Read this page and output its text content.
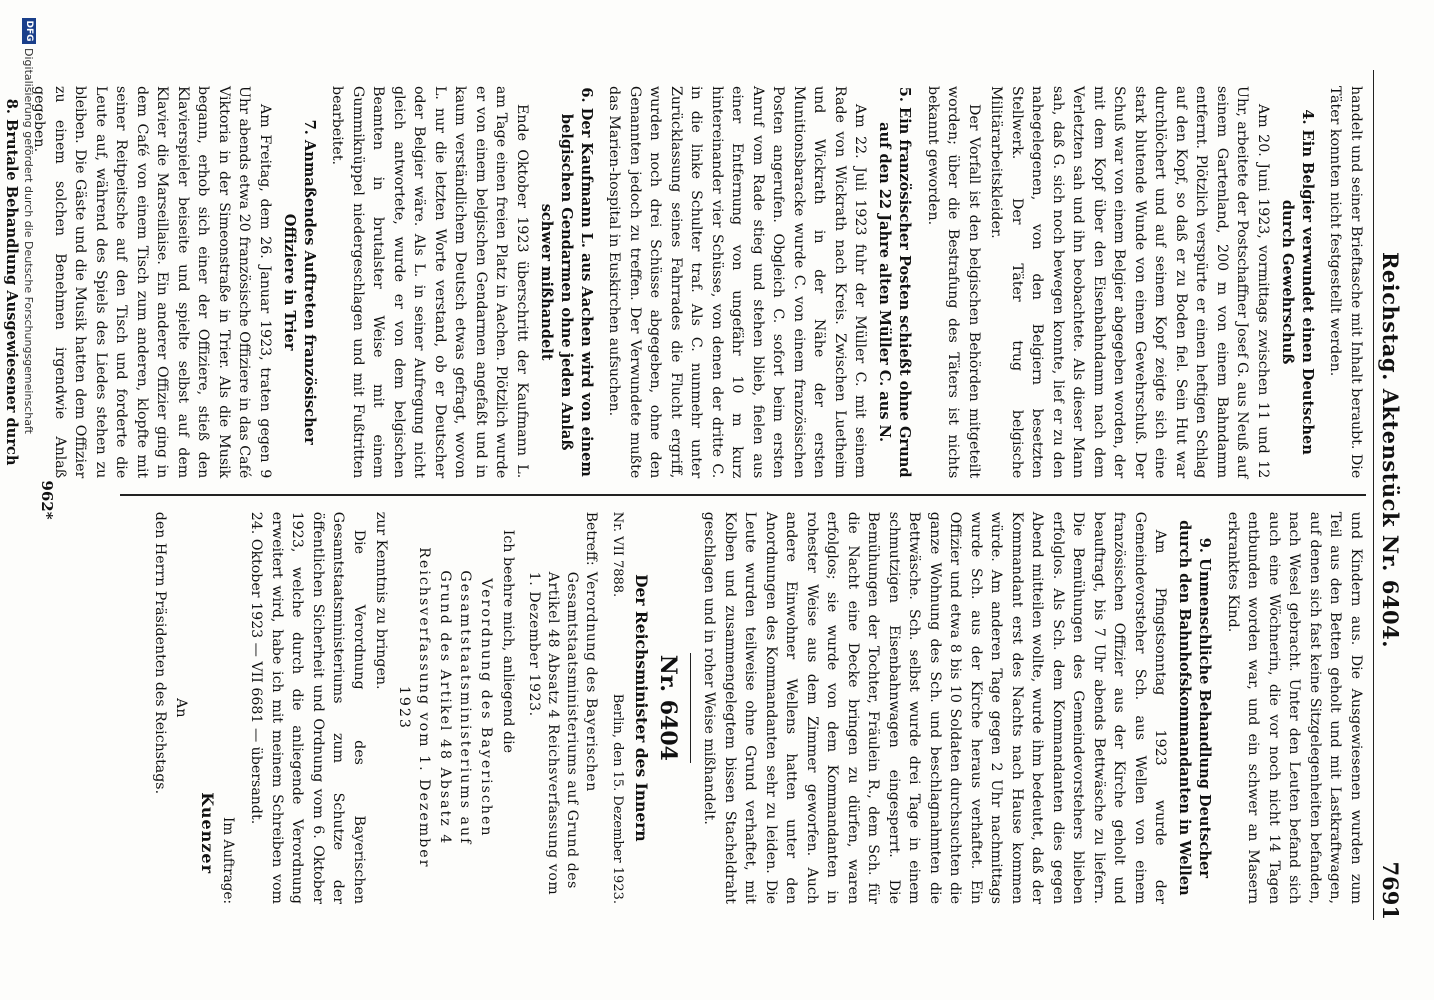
Reichstag. Aktenstück Nr. 6404.
7691

handelt und seiner Brieftasche mit Inhalt beraubt. Die Täter konnten nicht festgestellt werden.

4. Ein Belgier verwundet einen Deutschen durch Gewehrschuß

Am 20. Juni 1923, vormittags zwischen 11 und 12 Uhr, arbeitete der Postschaffner Josef G. aus Neuß auf seinem Gartenland, 200 m von einem Bahndamm entfernt. Plötzlich verspürte er einen heftigen Schlag auf den Kopf, so daß er zu Boden fiel. Sein Hut war durchlöchert und auf seinem Kopf zeigte sich eine stark blutende Wunde von einem Gewehrschuß. Der Schuß war von einem Belgier abgegeben worden, der mit dem Kopf über den Eisenbahndamm nach dem Verletzten sah und ihn beobachtete. Als dieser Mann sah, daß G. sich noch bewegen konnte, lief er zu den nahegelegenen, von den Belgiern besetzten Stellwerk. Der Täter trug belgische Militärarbeitskleider.

Der Vorfall ist den belgischen Behörden mitgeteilt worden; über die Bestrafung des Täters ist nichts bekannt geworden.

5. Ein französischer Posten schießt ohne Grund auf den 22 Jahre alten Müller C. aus N.

Am 22. Juli 1923 fuhr der Müller C. mit seinem Rade von Wickrath nach Kreis. Zwischen Luetheim und Wickrath in der Nähe der ersten Munitionsbaracke wurde C. von einem französischen Posten angerufen. Obgleich C. sofort beim ersten Anruf vom Rade stieg und stehen blieb, fielen aus einer Entfernung von ungefähr 10 m kurz hintereinander vier Schüsse, von denen der dritte C. in die linke Schulter traf. Als C. nunmehr unter Zurücklassung seines Fahrrades die Flucht ergriff, wurden noch drei Schüsse abgegeben, ohne den Genannten jedoch zu treffen. Der Verwundete mußte das Marien-hospital in Euskirchen aufsuchen.

6. Der Kaufmann L. aus Aachen wird von einem belgischen Gendarmen ohne jeden Anlaß schwer mißhandelt

Ende Oktober 1923 überschritt der Kaufmann L. am Tage einen freien Platz in Aachen. Plötzlich wurde er von einem belgischen Gendarmen angefaßt und in kaum verständlichem Deutsch etwas gefragt, wovon L. nur die letzten Worte verstand, ob er Deutscher oder Belgier wäre. Als L. in seiner Aufregung nicht gleich antwortete, wurde er von dem belgischen Beamten in brutalster Weise mit einem Gummiknüppel niedergeschlagen und mit Fußtritten bearbeitet.

7. Anmaßendes Auftreten französischer Offiziere in Trier

Am Freitag, dem 26. Januar 1923, traten gegen 9 Uhr abends etwa 20 französische Offiziere in das Café Viktoria in der Simeonstraße in Trier. Als die Musik begann, erhob sich einer der Offiziere, stieß den Klavierspieler beiseite und spielte selbst auf dem Klavier die Marseillaise. Ein anderer Offizier ging in dem Café von einem Tisch zum anderen, klopfte mit seiner Reitpeitsche auf den Tisch und forderte die Leute auf, während des Spiels des Liedes stehen zu bleiben. Die Gäste und die Musik hatten dem Offizier zu einem solchen Benehmen irgendwie Anlaß gegeben.

8. Brutale Behandlung Ausgewiesener durch

und Kindern aus. Die Ausgewiesenen wurden zum Teil aus den Betten geholt und mit Lastkraftwagen, auf denen sich fast keine Sitzgelegenheiten befanden, nach Wesel gebracht. Unter den Leuten befand sich auch eine Wöchnerin, die vor noch nicht 14 Tagen entbunden worden war, und ein schwer an Masern erkranktes Kind.

9. Unmenschliche Behandlung Deutscher durch den Bahnhofskommandanten in Wellen

Am Pfingstsonntag 1923 wurde der Gemeindevorsteher Sch. aus Wellen von einem französischen Offizier aus der Kirche geholt und beauftragt, bis 7 Uhr abends Bettwäsche zu liefern. Die Bemühungen des Gemeindevorstehers blieben erfolglos. Als Sch. dem Kommandanten dies gegen Abend mitteilen wollte, wurde ihm bedeutet, daß der Kommandant erst des Nachts nach Hause kommen würde. Am anderen Tage gegen 2 Uhr nachmittags wurde Sch. aus der Kirche heraus verhaftet. Ein Offizier und etwa 8 bis 10 Soldaten durchsuchten die ganze Wohnung des Sch. und beschlagnahmten die Bettwäsche. Sch. selbst wurde drei Tage in einem schmutzigen Eisenbahnwagen eingesperrt. Die Bemühungen der Tochter, Fräulein R., dem Sch. für die Nacht eine Decke bringen zu dürfen, waren erfolglos; sie wurde von dem Kommandanten in rohester Weise aus dem Zimmer geworfen. Auch andere Einwohner Wellens hatten unter den Anordnungen des Kommandanten sehr zu leiden. Die Leute wurden teilweise ohne Grund verhaftet, mit Kolben und zusammengelegtem bissen Stacheldraht geschlagen und in roher Weise mißhandelt.

Nr. 6404
Der Reichsminister des Innern
Nr. VII 7888.
Berlin, den 15. Dezember 1923.
Betreff:
Verordnung des Bayerischen Gesamtstaatsministeriums auf Grund des Artikel 48 Absatz 4 Reichsverfassung vom 1. Dezember 1923.

Ich beehre mich, anliegend die

Verordnung des Bayerischen Gesamtstaatsministeriums auf Grund des Artikel 48 Absatz 4 Reichsverfassung vom 1. Dezember 1923

zur Kenntnis zu bringen.

Die Verordnung des Bayerischen Gesamtstaatsministeriums zum Schutze der öffentlichen Sicherheit und Ordnung vom 6. Oktober 1923, welche durch die anliegende Verordnung erweitert wird, habe ich mit meinem Schreiben vom 24. Oktober 1923 — VII 6681 — übersandt.

Im Auftrage:
Kuenzer
An
den Herrn Präsidenten des Reichstags.
962*
DFG
Digitalisierung gefördert durch die Deutsche Forschungsgemeinschaft
